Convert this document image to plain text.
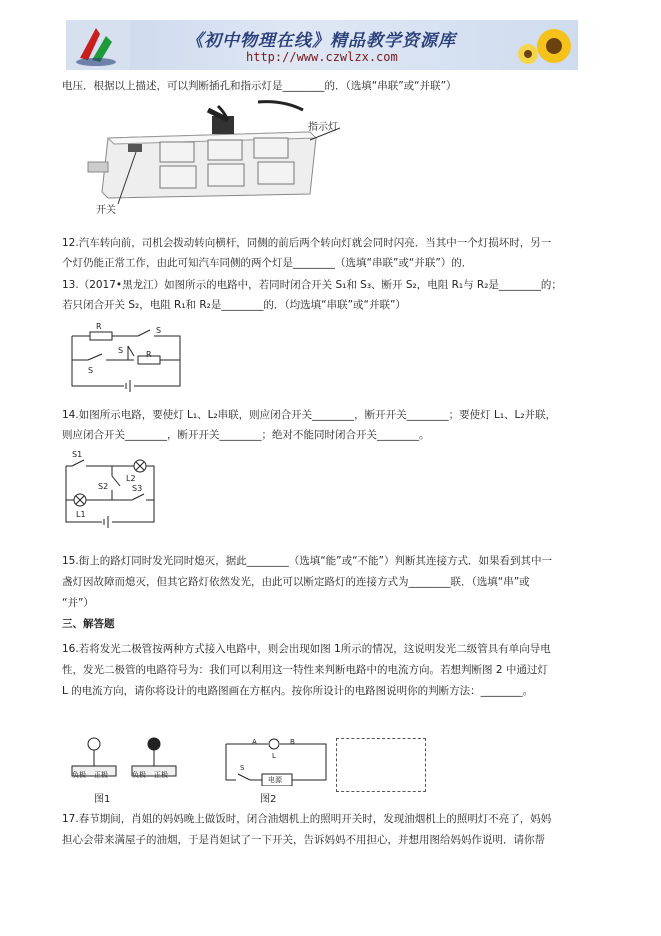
《初中物理在线》精品教学资源库
http://www.czwlzx.com
电压．根据以上描述，可以判断插孔和指示灯是________的．（选填“串联”或“并联”）
指示灯
开关
12.汽车转向前，司机会拨动转向横杆，同侧的前后两个转向灯就会同时闪亮．当其中一个灯损坏时，另一
个灯仍能正常工作，由此可知汽车同侧的两个灯是________（选填“串联”或“并联”）的．
13.（2017•黑龙江）如图所示的电路中，若同时闭合开关 S₁和 S₃、断开 S₂，电阻 R₁与 R₂是________的；
若只闭合开关 S₂，电阻 R₁和 R₂是________的．（均选填“串联”或“并联”）
R
R
S
S
S
14.如图所示电路，要使灯 L₁、L₂串联，则应闭合开关________，断开开关________；要使灯 L₁、L₂并联，
则应闭合开关________，断开开关________；绝对不能同时闭合开关________。
S1
S2	S3
L1
L2
15.街上的路灯同时发光同时熄灭，据此________（选填“能”或“不能”）判断其连接方式．如果看到其中一
盏灯因故障而熄灭，但其它路灯依然发光，由此可以断定路灯的连接方式为________联．（选填“串”或
“并”）
三、解答题
16.若将发光二极管按两种方式接入电路中，则会出现如图 1所示的情况，这说明发光二级管具有单向导电
性，发光二极管的电路符号为：我们可以利用这一特性来判断电路中的电流方向。若想判断图 2 中通过灯
L 的电流方向，请你将设计的电路图画在方框内。按你所设计的电路图说明你的判断方法：________。
负极 正极	负极 正极
图1
A	B
L
S
电源
图2
17.春节期间，肖姐的妈妈晚上做饭时，闭合油烟机上的照明开关时，发现油烟机上的照明灯不亮了，妈妈
担心会带来满屋子的油烟，于是肖妲试了一下开关，告诉妈妈不用担心，并想用图给妈妈作说明．请你帮
